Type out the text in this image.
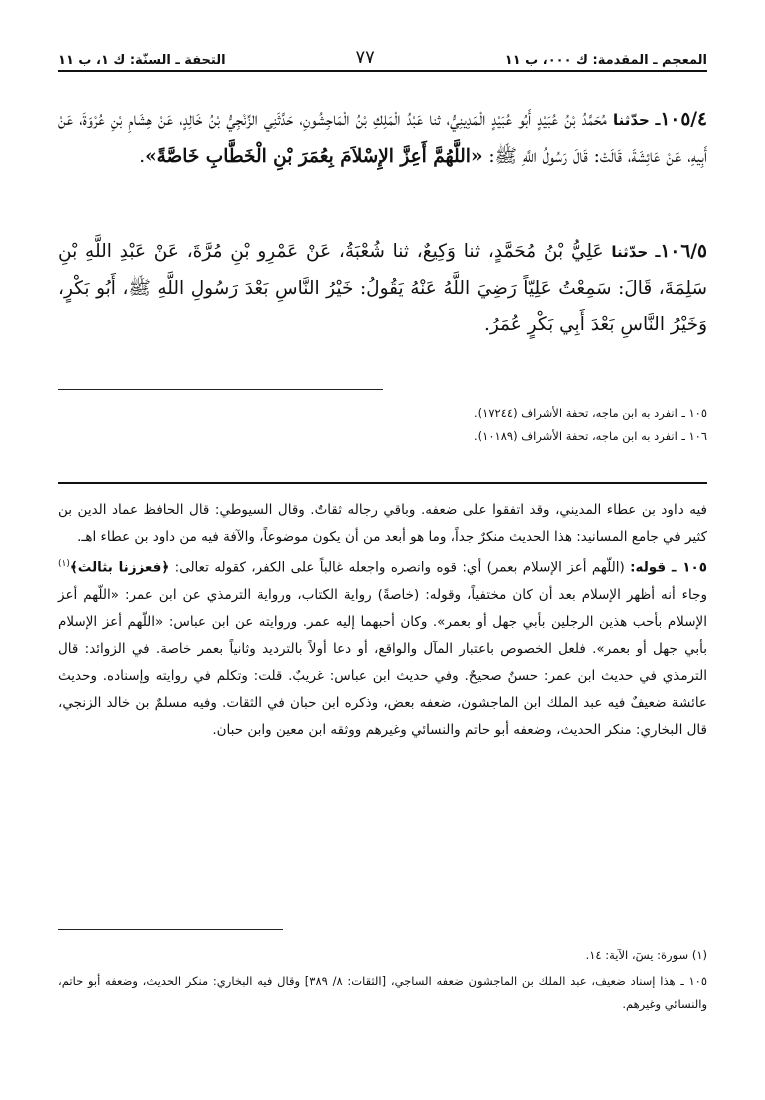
المعجم ـ المقدمة: ك ٠٠٠، ب ١١
٧٧
التحفة ـ السنّة: ك ١، ب ١١
١٠٥/٤ـ حدّثنا مُحَمَّدُ بْنُ عُبَيْدٍ أَبُو عُبَيْدٍ الْمَدِينِيُّ، ثنا عَبْدُ الْمَلِكِ بْنُ الْمَاجِشُونِ، حَدَّثَنِي الزِّنْجِيُّ بْنُ خَالِدٍ، عَنْ هِشَامِ بْنِ عُرْوَةَ، عَنْ أَبِيهِ، عَنْ عَائِشَةَ، قَالَتْ: قَالَ رَسُولُ اللَّهِ ﷺ: «اللَّهُمَّ أَعِزَّ الإِسْلاَمَ بِعُمَرَ بْنِ الْخَطَّابِ خَاصَّةً».
١٠٦/٥ـ حدّثنا عَلِيُّ بْنُ مُحَمَّدٍ، ثنا وَكِيعٌ، ثنا شُعْبَةُ، عَنْ عَمْرِو بْنِ مُرَّةَ، عَنْ عَبْدِ اللَّهِ بْنِ سَلِمَةَ، قَالَ: سَمِعْتُ عَلِيّاً رَضِيَ اللَّهُ عَنْهُ يَقُولُ: خَيْرُ النَّاسِ بَعْدَ رَسُولِ اللَّهِ ﷺ، أَبُو بَكْرٍ، وَخَيْرُ النَّاسِ بَعْدَ أَبِي بَكْرٍ عُمَرُ.
١٠٥ ـ انفرد به ابن ماجه، تحفة الأشراف (١٧٢٤٤).
١٠٦ ـ انفرد به ابن ماجه، تحفة الأشراف (١٠١٨٩).

فيه داود بن عطاء المديني، وقد اتفقوا على ضعفه. وباقي رجاله ثقاتٌ. وقال السيوطي: قال الحافظ عماد الدين بن كثير في جامع المسانيد: هذا الحديث منكرٌ جداً، وما هو أبعد من أن يكون موضوعاً، والآفة فيه من داود بن عطاء اهـ.

١٠٥ ـ قوله: (اللّهم أعز الإسلام بعمر) أي: قوه وانصره واجعله غالباً على الكفر، كقوله تعالى: ﴿فعززنا بثالث﴾$^{(١)}$ وجاء أنه أظهر الإسلام بعد أن كان مختفياً، وقوله: (خاصةً) رواية الكتاب، ورواية الترمذي عن ابن عمر: «اللّهم أعز الإسلام بأحب هذين الرجلين بأبي جهل أو بعمر». وكان أحبهما إليه عمر. وروايته عن ابن عباس: «اللّهم أعز الإسلام بأبي جهل أو بعمر». فلعل الخصوص باعتبار المآل والواقع، أو دعا أولاً بالترديد وثانياً بعمر خاصة. في الزوائد: قال الترمذي في حديث ابن عمر: حسنٌ صحيحٌ. وفي حديث ابن عباس: غريبٌ. قلت: وتكلم في روايته وإسناده. وحديث عائشة ضعيفٌ فيه عبد الملك ابن الماجشون، ضعفه بعض، وذكره ابن حبان في الثقات. وفيه مسلمٌ بن خالد الزنجي، قال البخاري: منكر الحديث، وضعفه أبو حاتم والنسائي وغيرهم ووثقه ابن معين وابن حبان.

(١) سورة: يسٓ، الآية: ١٤.

١٠٥ ـ هذا إسناد ضعيف، عبد الملك بن الماجشون ضعفه الساجي، [الثقات: ٨/ ٣٨٩] وقال فيه البخاري: منكر الحديث، وضعفه أبو حاتم، والنسائي وغيرهم.
